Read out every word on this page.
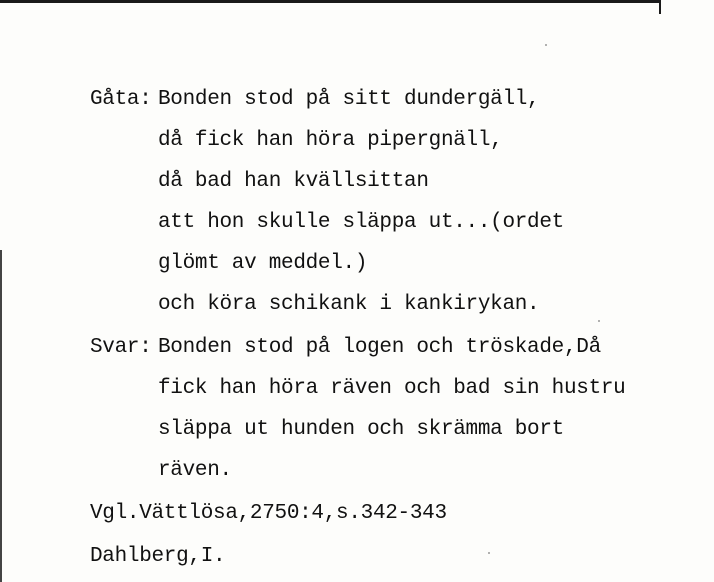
Gåta: Bonden stod på sitt dundergäll,
då fick han höra pipergnäll,
då bad han kvällsittan
att hon skulle släppa ut...(ordet
glömt av meddel.)
och köra schikank i kankirykan.
Svar: Bonden stod på logen och tröskade,Då
fick han höra räven och bad sin hustru
släppa ut hunden och skrämma bort
räven.
Vgl.Vättlösa,2750:4,s.342-343
Dahlberg,I.
